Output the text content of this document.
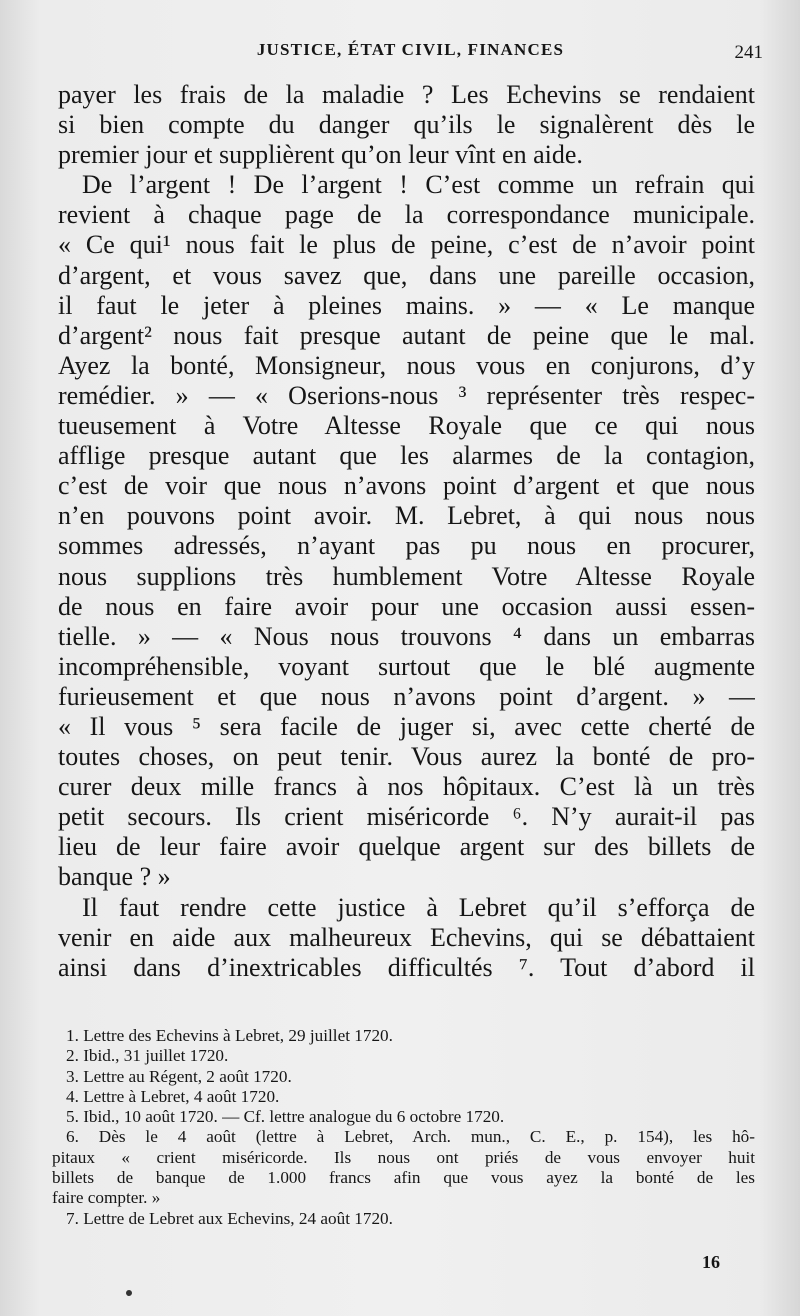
JUSTICE, ÉTAT CIVIL, FINANCES	241
payer les frais de la maladie ? Les Echevins se rendaient
si bien compte du danger qu’ils le signalèrent dès le
premier jour et supplièrent qu’on leur vînt en aide.
De l’argent ! De l’argent ! C’est comme un refrain qui
revient à chaque page de la correspondance municipale.
« Ce qui¹ nous fait le plus de peine, c’est de n’avoir point
d’argent, et vous savez que, dans une pareille occasion,
il faut le jeter à pleines mains. » — « Le manque
d’argent² nous fait presque autant de peine que le mal.
Ayez la bonté, Monsigneur, nous vous en conjurons, d’y
remédier. » — « Oserions-nous ³ représenter très respec-
tueusement à Votre Altesse Royale que ce qui nous
afflige presque autant que les alarmes de la contagion,
c’est de voir que nous n’avons point d’argent et que nous
n’en pouvons point avoir. M. Lebret, à qui nous nous
sommes adressés, n’ayant pas pu nous en procurer,
nous supplions très humblement Votre Altesse Royale
de nous en faire avoir pour une occasion aussi essen-
tielle. » — « Nous nous trouvons ⁴ dans un embarras
incompréhensible, voyant surtout que le blé augmente
furieusement et que nous n’avons point d’argent. » —
« Il vous ⁵ sera facile de juger si, avec cette cherté de
toutes choses, on peut tenir. Vous aurez la bonté de pro-
curer deux mille francs à nos hôpitaux. C’est là un très
petit secours. Ils crient miséricorde ⁶. N’y aurait-il pas
lieu de leur faire avoir quelque argent sur des billets de
banque ? »
Il faut rendre cette justice à Lebret qu’il s’efforça de
venir en aide aux malheureux Echevins, qui se débattaient
ainsi dans d’inextricables difficultés ⁷. Tout d’abord il
1. Lettre des Echevins à Lebret, 29 juillet 1720.
2. Ibid., 31 juillet 1720.
3. Lettre au Régent, 2 août 1720.
4. Lettre à Lebret, 4 août 1720.
5. Ibid., 10 août 1720. — Cf. lettre analogue du 6 octobre 1720.
6. Dès le 4 août (lettre à Lebret, Arch. mun., C. E., p. 154), les hô-
pitaux « crient miséricorde. Ils nous ont priés de vous envoyer huit
billets de banque de 1.000 francs afin que vous ayez la bonté de les
faire compter. »
7. Lettre de Lebret aux Echevins, 24 août 1720.
16
